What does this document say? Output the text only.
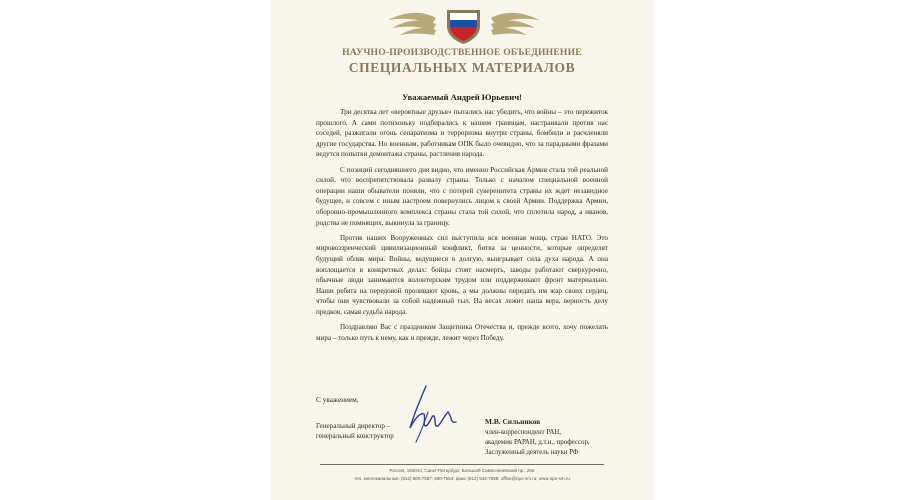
НАУЧНО-ПРОИЗВОДСТВЕННОЕ ОБЪЕДИНЕНИЕ
СПЕЦИАЛЬНЫХ МАТЕРИАЛОВ
Уважаемый Андрей Юрьевич!

Три десятка лет «вероятные друзья» пытались нас убедить, что войны – это пережиток прошлого. А сами потихоньку подбирались к нашим границам, настраивали против нас соседей, разжигали огонь сепаратизма и терроризма внутри страны, бомбили и расчленяли другие государства. Но военным, работникам ОПК было очевидно, что за парадными фразами ведутся попытки демонтажа страны, растления народа.

С позиций сегодняшнего дня видно, что именно Российская Армия стала той реальной силой, что воспрепятствовала развалу страны. Только с началом специальной военной операции наши обыватели поняли, что с потерей суверенитета страны их ждет незавидное будущее, и совсем с иным настроем повернулись лицом к своей Армии. Поддержка Армии, оборонно-промышленного комплекса страны стала той силой, что сплотила народ, а иванов, родства не помнящих, выкинула за границу.

Против наших Вооруженных сил выступила вся военная мощь стран НАТО. Это мировоззренческий цивилизационный конфликт, битва за ценности, которые определят будущий облик мира. Войны, ведущиеся в долгую, выигрывает сила духа народа. А она воплощается в конкретных делах: бойцы стоят насмерть, заводы работают сверхурочно, обычные люди занимаются волонтерским трудом или поддерживают фронт материально. Наши ребята на передовой проливают кровь, а мы должны передать им жар своих сердец, чтобы они чувствовали за собой надежный тыл. На весах лежит наша вера, верность делу предков, самая судьба народа.

Поздравляю Вас с праздником Защитника Отечества и, прежде всего, хочу пожелать мира – только путь к нему, как и прежде, лежит через Победу.

С уважением,
Генеральный директор –
генеральный конструктор
М.В. Сильников
член-корреспондент РАН,
академик РАРАН, д.т.н., профессор,
Заслуженный деятель науки РФ
Россия, 194044, Санкт-Петербург, Большой Сампсониевский пр., 28а
тел. многоканальные: (812) 600-7557, 600-7554; факс (812) 542-7558; office@npo-sm.ru; www.npo-sm.ru
